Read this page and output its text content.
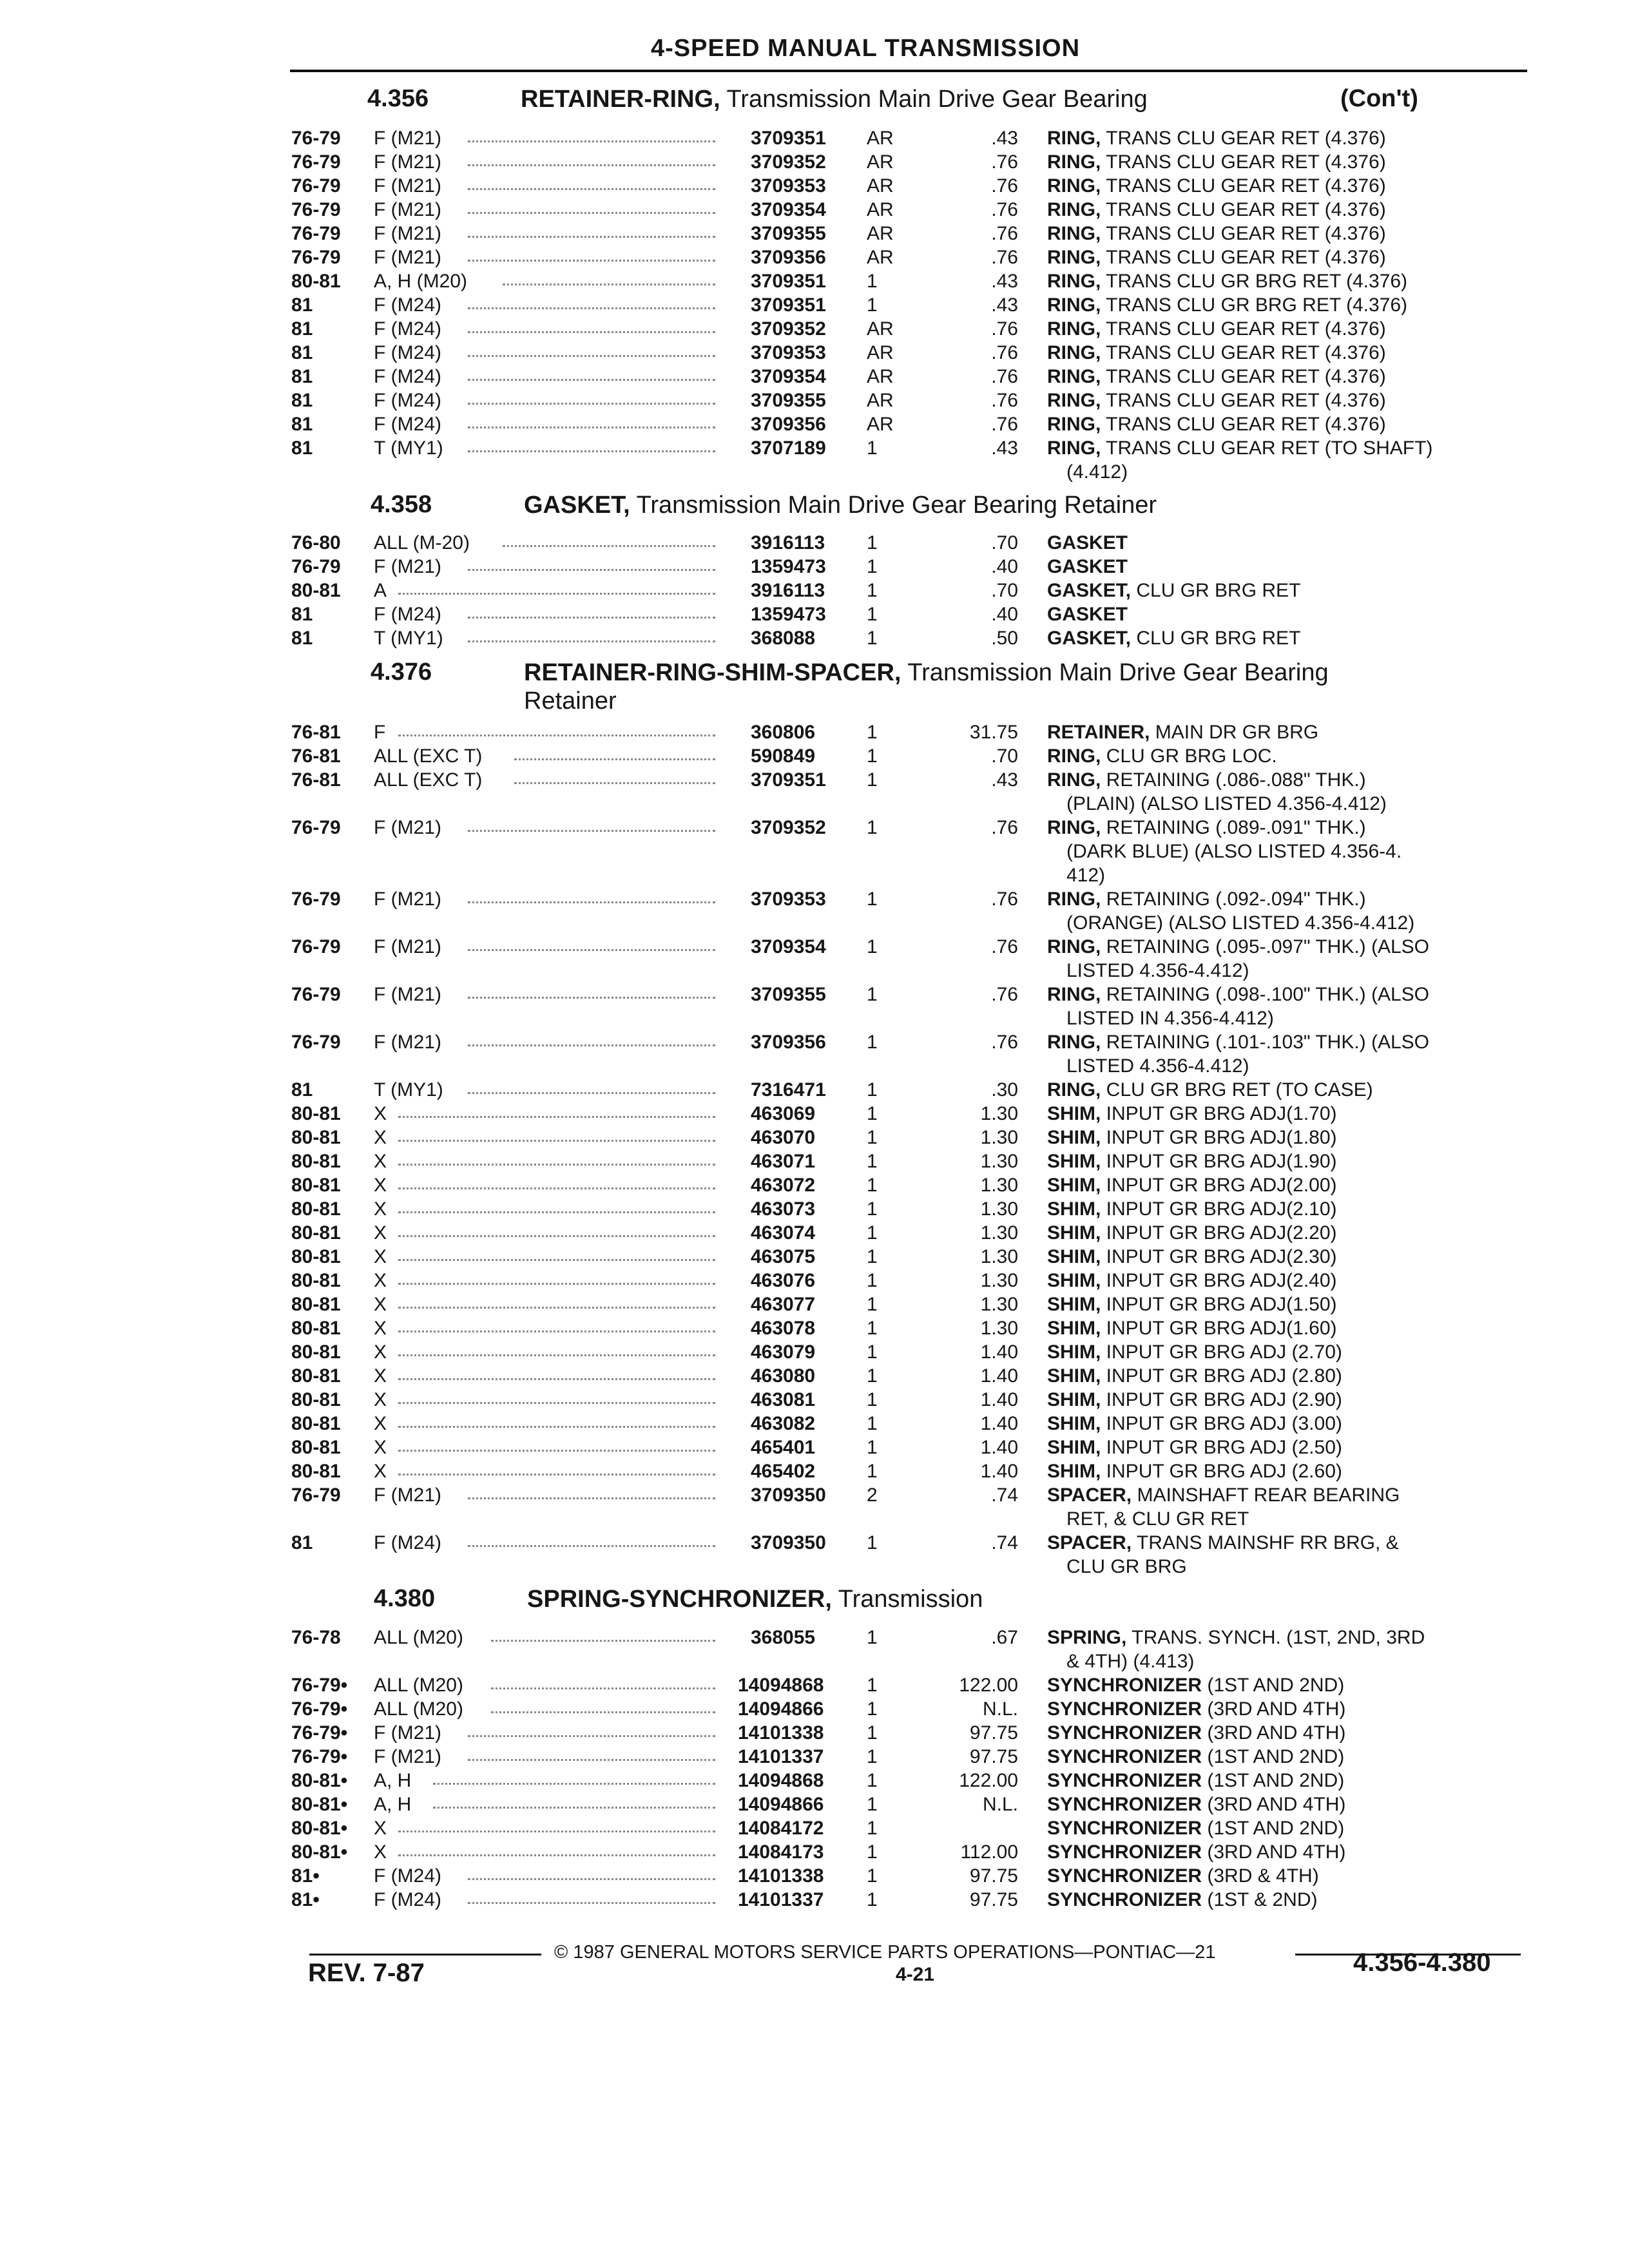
4-SPEED MANUAL TRANSMISSION
4.356	RETAINER-RING, Transmission Main Drive Gear Bearing	(Con't)
76-79 F (M21)	3709351 AR	.43 RING, TRANS CLU GEAR RET (4.376)
76-79 F (M21)	3709352 AR	.76 RING, TRANS CLU GEAR RET (4.376)
76-79 F (M21)	3709353 AR	.76 RING, TRANS CLU GEAR RET (4.376)
76-79 F (M21)	3709354 AR	.76 RING, TRANS CLU GEAR RET (4.376)
76-79 F (M21)	3709355 AR	.76 RING, TRANS CLU GEAR RET (4.376)
76-79 F (M21)	3709356 AR	.76 RING, TRANS CLU GEAR RET (4.376)
80-81 A, H (M20)	3709351 1	.43 RING, TRANS CLU GR BRG RET (4.376)
81	F (M24)	3709351 1	.43 RING, TRANS CLU GR BRG RET (4.376)
81	F (M24)	3709352 AR	.76 RING, TRANS CLU GEAR RET (4.376)
81	F (M24)	3709353 AR	.76 RING, TRANS CLU GEAR RET (4.376)
81	F (M24)	3709354 AR	.76 RING, TRANS CLU GEAR RET (4.376)
81	F (M24)	3709355 AR	.76 RING, TRANS CLU GEAR RET (4.376)
81	F (M24)	3709356 AR	.76 RING, TRANS CLU GEAR RET (4.376)
81	T (MY1)	3707189 1	.43 RING, TRANS CLU GEAR RET (TO SHAFT)
(4.412)
4.358	GASKET, Transmission Main Drive Gear Bearing Retainer
76-80 ALL (M-20)	3916113 1	.70 GASKET
76-79 F (M21)	1359473 1	.40 GASKET
80-81 A	3916113 1	.70 GASKET, CLU GR BRG RET
81	F (M24)	1359473 1	.40 GASKET
81	T (MY1)	368088	1	.50 GASKET, CLU GR BRG RET
4.376	RETAINER-RING-SHIM-SPACER, Transmission Main Drive Gear Bearing Retainer
76-81 F	360806	1	31.75 RETAINER, MAIN DR GR BRG
76-81 ALL (EXC T)	590849	1	.70 RING, CLU GR BRG LOC.
76-81 ALL (EXC T)	3709351 1	.43 RING, RETAINING (.086-.088" THK.)
(PLAIN) (ALSO LISTED 4.356-4.412)
76-79 F (M21)	3709352 1	.76 RING, RETAINING (.089-.091" THK.)
(DARK BLUE) (ALSO LISTED 4.356-4.
412)
76-79 F (M21)	3709353 1	.76 RING, RETAINING (.092-.094" THK.)
(ORANGE) (ALSO LISTED 4.356-4.412)
76-79 F (M21)	3709354 1	.76 RING, RETAINING (.095-.097" THK.) (ALSO
LISTED 4.356-4.412)
76-79 F (M21)	3709355 1	.76 RING, RETAINING (.098-.100" THK.) (ALSO
LISTED IN 4.356-4.412)
76-79 F (M21)	3709356 1	.76 RING, RETAINING (.101-.103" THK.) (ALSO
LISTED 4.356-4.412)
81	T (MY1)	7316471 1	.30 RING, CLU GR BRG RET (TO CASE)
80-81 X	463069	1	1.30 SHIM, INPUT GR BRG ADJ(1.70)
80-81 X	463070	1	1.30 SHIM, INPUT GR BRG ADJ(1.80)
80-81 X	463071	1	1.30 SHIM, INPUT GR BRG ADJ(1.90)
80-81 X	463072	1	1.30 SHIM, INPUT GR BRG ADJ(2.00)
80-81 X	463073	1	1.30 SHIM, INPUT GR BRG ADJ(2.10)
80-81 X	463074	1	1.30 SHIM, INPUT GR BRG ADJ(2.20)
80-81 X	463075	1	1.30 SHIM, INPUT GR BRG ADJ(2.30)
80-81 X	463076	1	1.30 SHIM, INPUT GR BRG ADJ(2.40)
80-81 X	463077	1	1.30 SHIM, INPUT GR BRG ADJ(1.50)
80-81 X	463078	1	1.30 SHIM, INPUT GR BRG ADJ(1.60)
80-81 X	463079	1	1.40 SHIM, INPUT GR BRG ADJ (2.70)
80-81 X	463080	1	1.40 SHIM, INPUT GR BRG ADJ (2.80)
80-81 X	463081	1	1.40 SHIM, INPUT GR BRG ADJ (2.90)
80-81 X	463082	1	1.40 SHIM, INPUT GR BRG ADJ (3.00)
80-81 X	465401	1	1.40 SHIM, INPUT GR BRG ADJ (2.50)
80-81 X	465402	1	1.40 SHIM, INPUT GR BRG ADJ (2.60)
76-79 F (M21)	3709350 2	.74 SPACER, MAINSHAFT REAR BEARING
RET, & CLU GR RET
81	F (M24)	3709350 1	.74 SPACER, TRANS MAINSHF RR BRG, &
CLU GR BRG
4.380	SPRING-SYNCHRONIZER, Transmission
76-78 ALL (M20)	368055	1	.67 SPRING, TRANS. SYNCH. (1ST, 2ND, 3RD
& 4TH) (4.413)
76-79• ALL (M20)	14094868 1	122.00 SYNCHRONIZER (1ST AND 2ND)
76-79• ALL (M20)	14094866 1	N.L. SYNCHRONIZER (3RD AND 4TH)
76-79• F (M21)	14101338 1	97.75 SYNCHRONIZER (3RD AND 4TH)
76-79• F (M21)	14101337 1	97.75 SYNCHRONIZER (1ST AND 2ND)
80-81• A, H	14094868 1	122.00 SYNCHRONIZER (1ST AND 2ND)
80-81• A, H	14094866 1	N.L. SYNCHRONIZER (3RD AND 4TH)
80-81• X	14084172 1	SYNCHRONIZER (1ST AND 2ND)
80-81• X	14084173 1	112.00 SYNCHRONIZER (3RD AND 4TH)
81•	F (M24)	14101338 1	97.75 SYNCHRONIZER (3RD & 4TH)
81•	F (M24)	14101337 1	97.75 SYNCHRONIZER (1ST & 2ND)
© 1987 GENERAL MOTORS SERVICE PARTS OPERATIONS—PONTIAC—21
REV. 7-87	4-21	4.356-4.380
